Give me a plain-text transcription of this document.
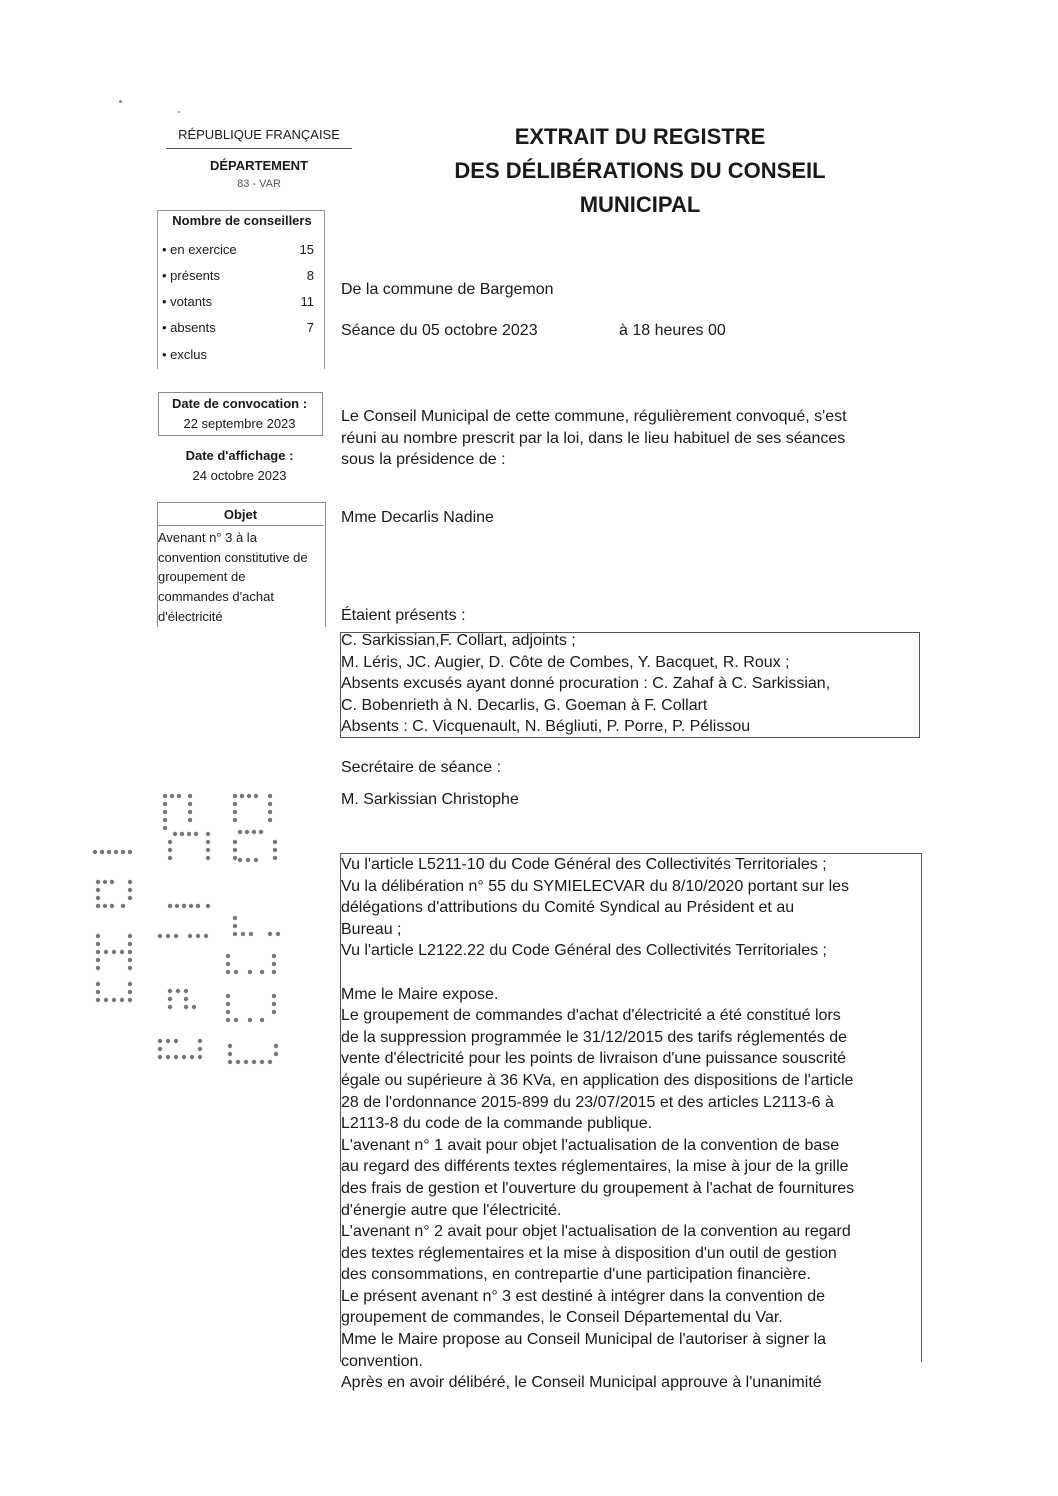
RÉPUBLIQUE FRANÇAISE
DÉPARTEMENT
83 - VAR
EXTRAIT DU REGISTRE
DES DÉLIBÉRATIONS DU CONSEIL
MUNICIPAL
Nombre de conseillers
• en exercice	15
• présents	8
• votants	11
• absents	7
• exclus
Date de convocation :
22 septembre 2023
Date d'affichage :
24 octobre 2023
Objet
Avenant n° 3 à la
convention constitutive de
groupement de
commandes d'achat
d'électricité
De la commune de Bargemon
Séance du 05 octobre 2023	à 18 heures 00
Le Conseil Municipal de cette commune, régulièrement convoqué, s'est
réuni au nombre prescrit par la loi, dans le lieu habituel de ses séances
sous la présidence de :
Mme Decarlis Nadine
Étaient présents :
C. Sarkissian,F. Collart, adjoints ;
M. Léris, JC. Augier, D. Côte de Combes, Y. Bacquet, R. Roux ;
Absents excusés ayant donné procuration : C. Zahaf à C. Sarkissian,
C. Bobenrieth à N. Decarlis, G. Goeman à F. Collart
Absents : C. Vicquenault, N. Bégliuti, P. Porre, P. Pélissou
Secrétaire de séance :
M. Sarkissian Christophe
Vu l'article L5211-10 du Code Général des Collectivités Territoriales ;
Vu la délibération n° 55 du SYMIELECVAR du 8/10/2020 portant sur les
délégations d'attributions du Comité Syndical au Président et au
Bureau ;
Vu l'article L2122.22 du Code Général des Collectivités Territoriales ;
Mme le Maire expose.
Le groupement de commandes d'achat d'électricité a été constitué lors
de la suppression programmée le 31/12/2015 des tarifs réglementés de
vente d'électricité pour les points de livraison d'une puissance souscrité
égale ou supérieure à 36 KVa, en application des dispositions de l'article
28 de l'ordonnance 2015-899 du 23/07/2015 et des articles L2113-6 à
L2113-8 du code de la commande publique.
L'avenant n° 1 avait pour objet l'actualisation de la convention de base
au regard des différents textes réglementaires, la mise à jour de la grille
des frais de gestion et l'ouverture du groupement à l'achat de fournitures
d'énergie autre que l'électricité.
L'avenant n° 2 avait pour objet l'actualisation de la convention au regard
des textes réglementaires et la mise à disposition d'un outil de gestion
des consommations, en contrepartie d'une participation financière.
Le présent avenant n° 3 est destiné à intégrer dans la convention de
groupement de commandes, le Conseil Départemental du Var.
Mme le Maire propose au Conseil Municipal de l'autoriser à signer la
convention.
Après en avoir délibéré, le Conseil Municipal approuve à l'unanimité
